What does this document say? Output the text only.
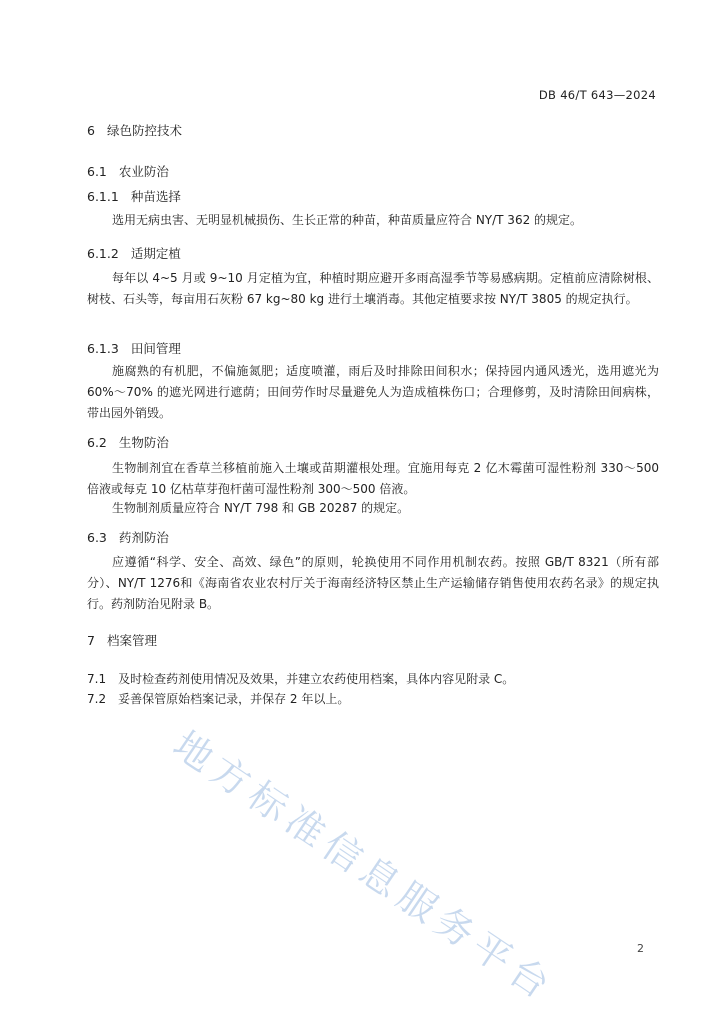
DB 46/T 643—2024
6 绿色防控技术
6.1 农业防治
6.1.1 种苗选择

选用无病虫害、无明显机械损伤、生长正常的种苗，种苗质量应符合 NY/T 362 的规定。

6.1.2 适期定植

每年以 4~5 月或 9~10 月定植为宜，种植时期应避开多雨高湿季节等易感病期。定植前应清除树根、树枝、石头等，每亩用石灰粉 67 kg~80 kg 进行土壤消毒。其他定植要求按 NY/T 3805 的规定执行。

6.1.3 田间管理

施腐熟的有机肥，不偏施氮肥；适度喷灌，雨后及时排除田间积水；保持园内通风透光，选用遮光为 60%～70% 的遮光网进行遮荫；田间劳作时尽量避免人为造成植株伤口；合理修剪，及时清除田间病株，带出园外销毁。

6.2 生物防治

生物制剂宜在香草兰移植前施入土壤或苗期灌根处理。宜施用每克 2 亿木霉菌可湿性粉剂 330～500 倍液或每克 10 亿枯草芽孢杆菌可湿性粉剂 300～500 倍液。

生物制剂质量应符合 NY/T 798 和 GB 20287 的规定。

6.3 药剂防治

应遵循“科学、安全、高效、绿色”的原则，轮换使用不同作用机制农药。按照 GB/T 8321（所有部分）、NY/T 1276和《海南省农业农村厅关于海南经济特区禁止生产运输储存销售使用农药名录》的规定执行。药剂防治见附录 B。

7 档案管理
7.1 及时检查药剂使用情况及效果，并建立农药使用档案，具体内容见附录 C。
7.2 妥善保管原始档案记录，并保存 2 年以上。
地方标准信息服务平台	2
